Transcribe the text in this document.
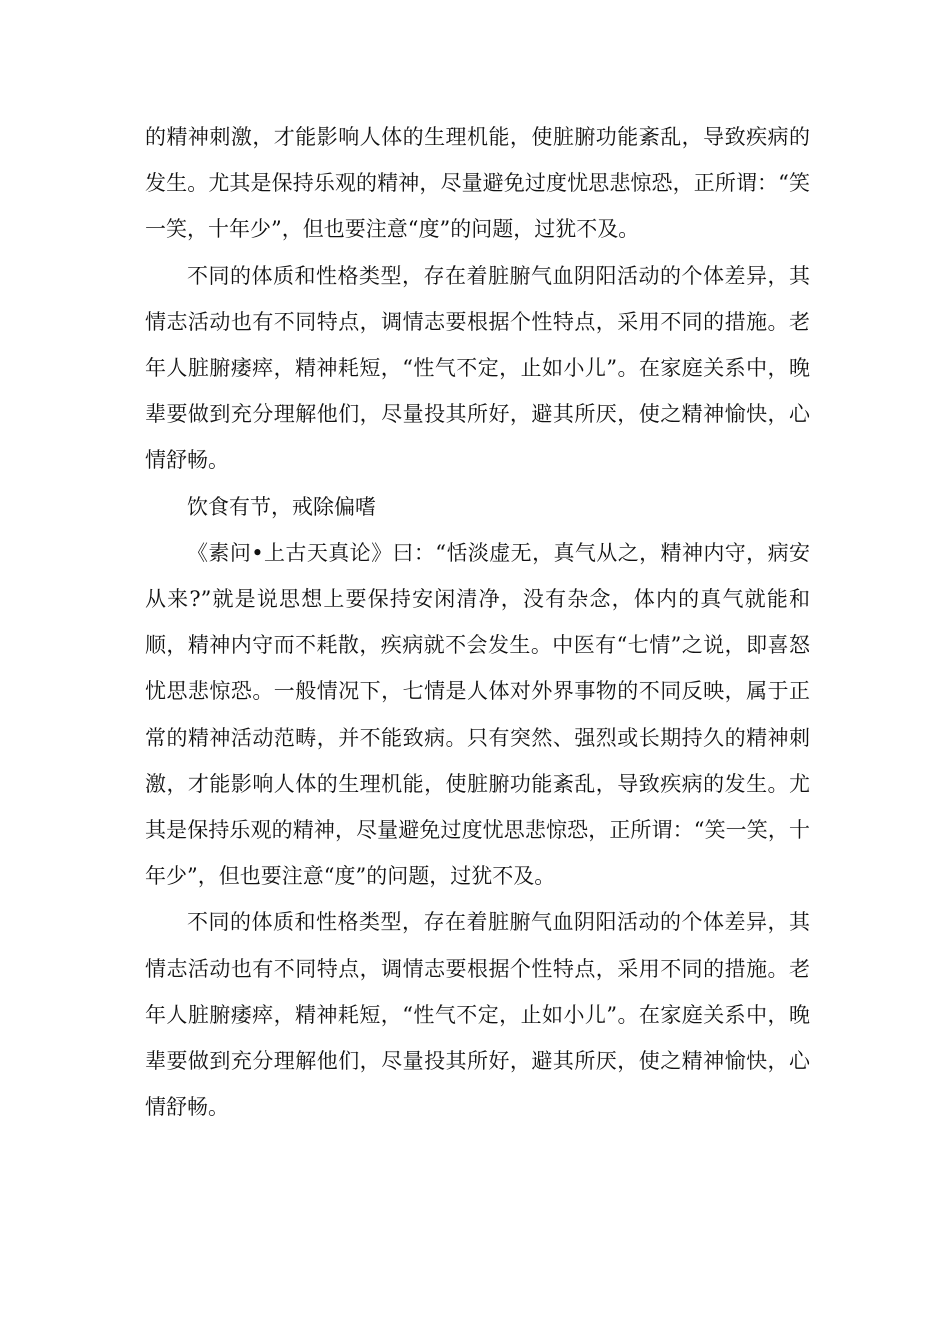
的精神刺激，才能影响人体的生理机能，使脏腑功能紊乱，导致疾病的发生。尤其是保持乐观的精神，尽量避免过度忧思悲惊恐，正所谓：“笑一笑，十年少”，但也要注意“度”的问题，过犹不及。

不同的体质和性格类型，存在着脏腑气血阴阳活动的个体差异，其情志活动也有不同特点，调情志要根据个性特点，采用不同的措施。老年人脏腑痿瘁，精神耗短，“性气不定，止如小儿”。在家庭关系中，晚辈要做到充分理解他们，尽量投其所好，避其所厌，使之精神愉快，心情舒畅。

饮食有节，戒除偏嗜

《素问•上古天真论》曰：“恬淡虚无，真气从之，精神内守，病安从来?”就是说思想上要保持安闲清净，没有杂念，体内的真气就能和顺，精神内守而不耗散，疾病就不会发生。中医有“七情”之说，即喜怒忧思悲惊恐。一般情况下，七情是人体对外界事物的不同反映，属于正常的精神活动范畴，并不能致病。只有突然、强烈或长期持久的精神刺激，才能影响人体的生理机能，使脏腑功能紊乱，导致疾病的发生。尤其是保持乐观的精神，尽量避免过度忧思悲惊恐，正所谓：“笑一笑，十年少”，但也要注意“度”的问题，过犹不及。

不同的体质和性格类型，存在着脏腑气血阴阳活动的个体差异，其情志活动也有不同特点，调情志要根据个性特点，采用不同的措施。老年人脏腑痿瘁，精神耗短，“性气不定，止如小儿”。在家庭关系中，晚辈要做到充分理解他们，尽量投其所好，避其所厌，使之精神愉快，心情舒畅。
